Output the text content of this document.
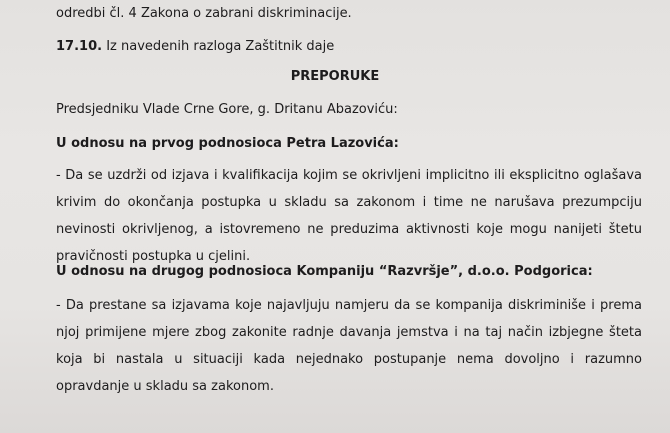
odredbi čl. 4 Zakona o zabrani diskriminacije.
17.10. Iz navedenih razloga Zaštitnik daje
PREPORUKE
Predsjedniku Vlade Crne Gore, g. Dritanu Abazoviću:
U odnosu na prvog podnosioca Petra Lazovića:
- Da se uzdrži od izjava i kvalifikacija kojim se okrivljeni implicitno ili eksplicitno oglašava krivim do okončanja postupka u skladu sa zakonom i time ne narušava prezumpciju nevinosti okrivljenog, a istovremeno ne preduzima aktivnosti koje mogu nanijeti štetu pravičnosti postupka u cjelini.
U odnosu na drugog podnosioca Kompaniju “Razvršje”, d.o.o. Podgorica:
- Da prestane sa izjavama koje najavljuju namjeru da se kompanija diskriminiše i prema njoj primijene mjere zbog zakonite radnje davanja jemstva i na taj način izbjegne šteta koja bi nastala u situaciji kada nejednako postupanje nema dovoljno i razumno opravdanje u skladu sa zakonom.
